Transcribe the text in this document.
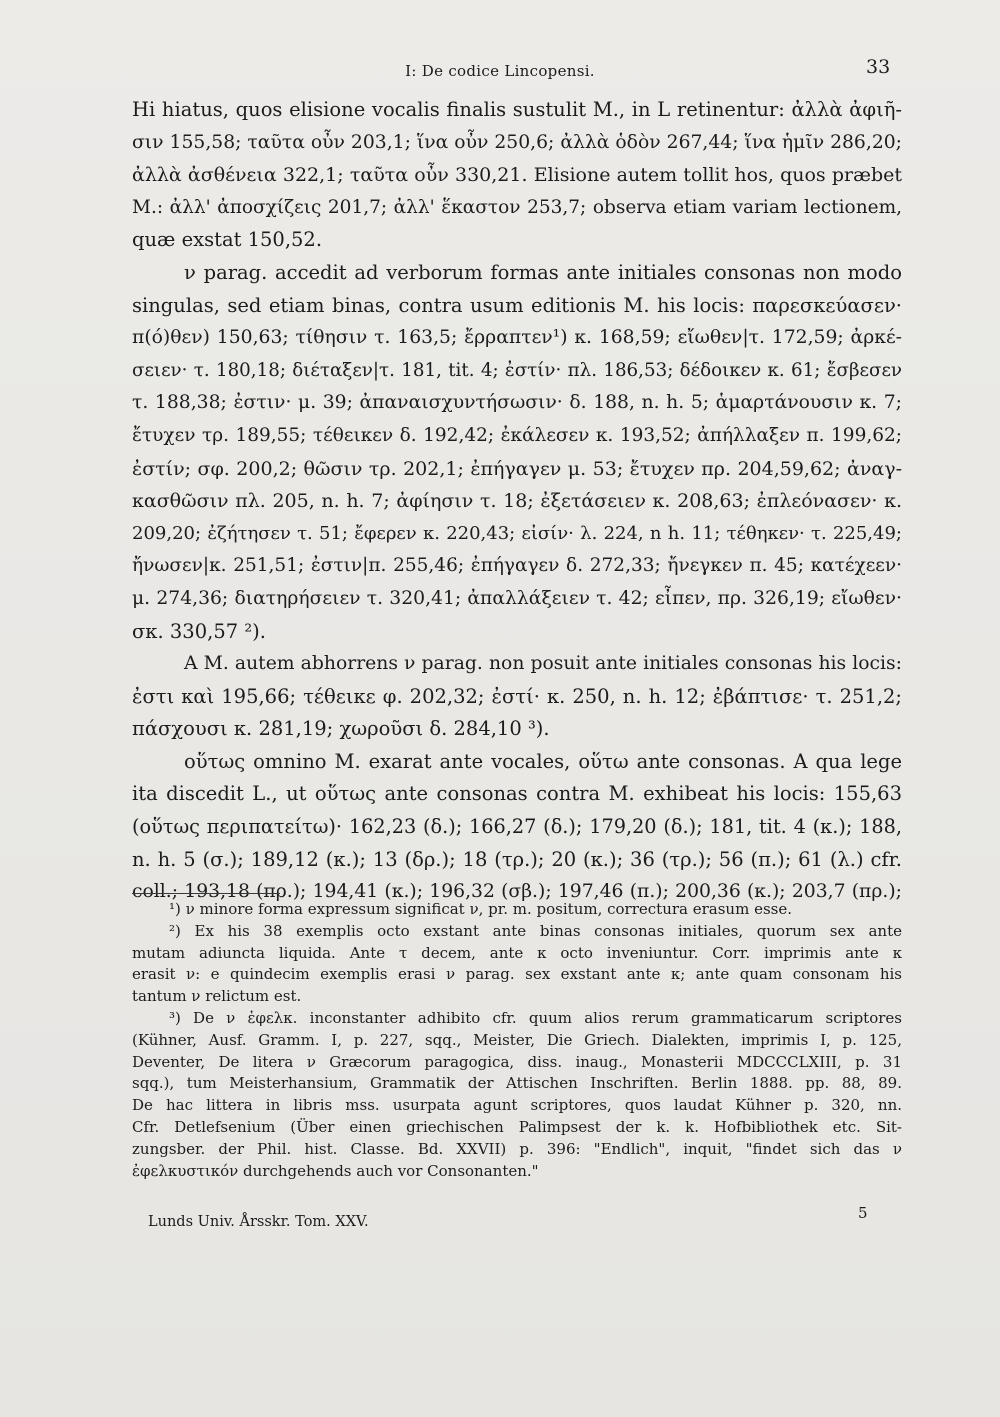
I: De codice Lincopensi.	33
Hi hiatus, quos elisione vocalis finalis sustulit M., in L retinentur: ἀλλὰ ἀφιῆ-
σιν 155,58; ταῦτα οὖν 203,1; ἵνα οὖν 250,6; ἀλλὰ ὁδὸν 267,44; ἵνα ἡμῖν 286,20;
ἀλλὰ ἀσθένεια 322,1; ταῦτα οὖν 330,21. Elisione autem tollit hos, quos præbet
M.: ἀλλ' ἀποσχίζεις 201,7; ἀλλ' ἕκαστον 253,7; observa etiam variam lectionem,
quæ exstat 150,52.
ν parag. accedit ad verborum formas ante initiales consonas non modo
singulas, sed etiam binas, contra usum editionis M. his locis: παρεσκεύασεν·
π(ό)θεν) 150,63; τίθησιν τ. 163,5; ἔρραπτεν¹) κ. 168,59; εἴωθεν|τ. 172,59; ἀρκέ-
σειεν· τ. 180,18; διέταξεν|τ. 181, tit. 4; ἐστίν· πλ. 186,53; δέδοικεν κ. 61; ἔσβεσεν
τ. 188,38; ἐστιν· μ. 39; ἀπαναισχυντήσωσιν· δ. 188, n. h. 5; ἁμαρτάνουσιν κ. 7;
ἔτυχεν τρ. 189,55; τέθεικεν δ. 192,42; ἐκάλεσεν κ. 193,52; ἀπήλλαξεν π. 199,62;
ἐστίν; σφ. 200,2; θῶσιν τρ. 202,1; ἐπήγαγεν μ. 53; ἔτυχεν πρ. 204,59,62; ἀναγ-
κασθῶσιν πλ. 205, n. h. 7; ἀφίησιν τ. 18; ἐξετάσειεν κ. 208,63; ἐπλεόνασεν· κ.
209,20; ἐζήτησεν τ. 51; ἔφερεν κ. 220,43; εἰσίν· λ. 224, n h. 11; τέθηκεν· τ. 225,49;
ἤνωσεν|κ. 251,51; ἐστιν|π. 255,46; ἐπήγαγεν δ. 272,33; ἤνεγκεν π. 45; κατέχεεν·
μ. 274,36; διατηρήσειεν τ. 320,41; ἀπαλλάξειεν τ. 42; εἶπεν, πρ. 326,19; εἴωθεν·
σκ. 330,57 ²).
A M. autem abhorrens ν parag. non posuit ante initiales consonas his locis:
ἐστι καὶ 195,66; τέθεικε φ. 202,32; ἐστί· κ. 250, n. h. 12; ἐβάπτισε· τ. 251,2;
πάσχουσι κ. 281,19; χωροῦσι δ. 284,10 ³).
οὕτως omnino M. exarat ante vocales, οὕτω ante consonas. A qua lege
ita discedit L., ut οὕτως ante consonas contra M. exhibeat his locis: 155,63
(οὕτως περιπατείτω)· 162,23 (δ.); 166,27 (δ.); 179,20 (δ.); 181, tit. 4 (κ.); 188,
n. h. 5 (σ.); 189,12 (κ.); 13 (δρ.); 18 (τρ.); 20 (κ.); 36 (τρ.); 56 (π.); 61 (λ.) cfr.
coll.; 193,18 (πρ.); 194,41 (κ.); 196,32 (σβ.); 197,46 (π.); 200,36 (κ.); 203,7 (πρ.);
¹) ν minore forma expressum significat ν, pr. m. positum, correctura erasum esse.
²) Ex his 38 exemplis octo exstant ante binas consonas initiales, quorum sex ante
mutam adiuncta liquida. Ante τ decem, ante κ octo inveniuntur. Corr. imprimis ante κ
erasit ν: e quindecim exemplis erasi ν parag. sex exstant ante κ; ante quam consonam his
tantum ν relictum est.
³) De ν ἐφελκ. inconstanter adhibito cfr. quum alios rerum grammaticarum scriptores
(Kühner, Ausf. Gramm. I, p. 227, sqq., Meister, Die Griech. Dialekten, imprimis I, p. 125,
Deventer, De litera ν Græcorum paragogica, diss. inaug., Monasterii MDCCCLXIII, p. 31
sqq.), tum Meisterhansium, Grammatik der Attischen Inschriften. Berlin 1888. pp. 88, 89.
De hac littera in libris mss. usurpata agunt scriptores, quos laudat Kühner p. 320, nn.
Cfr. Detlefsenium (Über einen griechischen Palimpsest der k. k. Hofbibliothek etc. Sit-
zungsber. der Phil. hist. Classe. Bd. XXVII) p. 396: "Endlich", inquit, "findet sich das ν
ἐφελκυστικόν durchgehends auch vor Consonanten."
Lunds Univ. Årsskr. Tom. XXV.	5
